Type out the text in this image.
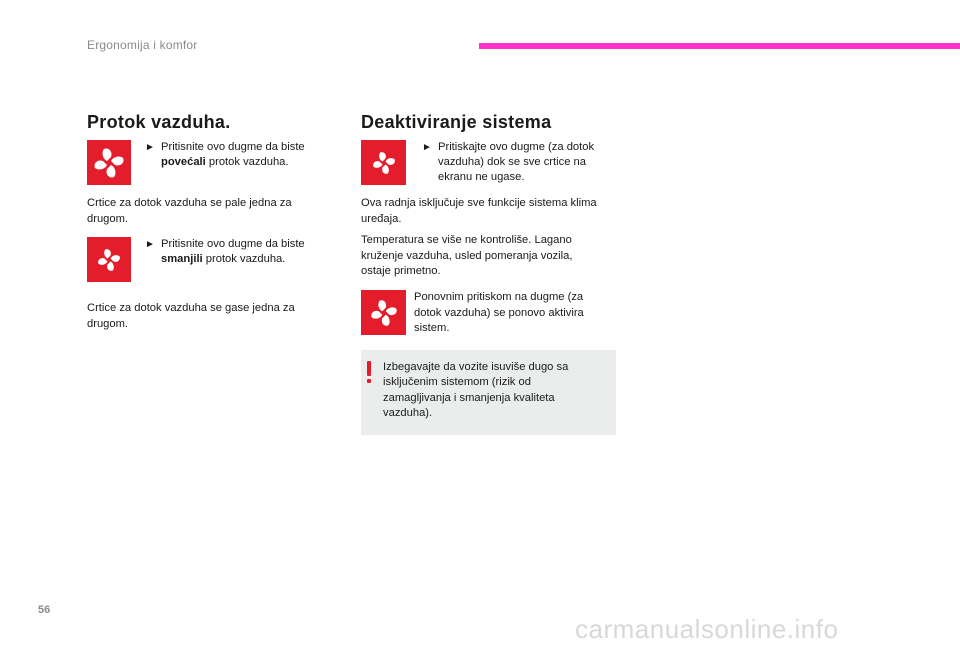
Ergonomija i komfor
Protok vazduha.
► Pritisnite ovo dugme da biste
povećali protok vazduha.
Crtice za dotok vazduha se pale jedna za drugom.
► Pritisnite ovo dugme da biste
smanjili protok vazduha.
Crtice za dotok vazduha se gase jedna za drugom.
Deaktiviranje sistema
► Pritiskajte ovo dugme (za dotok vazduha) dok se sve crtice na ekranu ne ugase.
Ova radnja isključuje sve funkcije sistema klima uređaja.
Temperatura se više ne kontroliše. Lagano kruženje vazduha, usled pomeranja vozila, ostaje primetno.
Ponovnim pritiskom na dugme (za dotok vazduha) se ponovo aktivira sistem.
Izbegavajte da vozite isuviše dugo sa isključenim sistemom (rizik od zamagljivanja i smanjenja kvaliteta vazduha).
56
carmanualsonline.info
